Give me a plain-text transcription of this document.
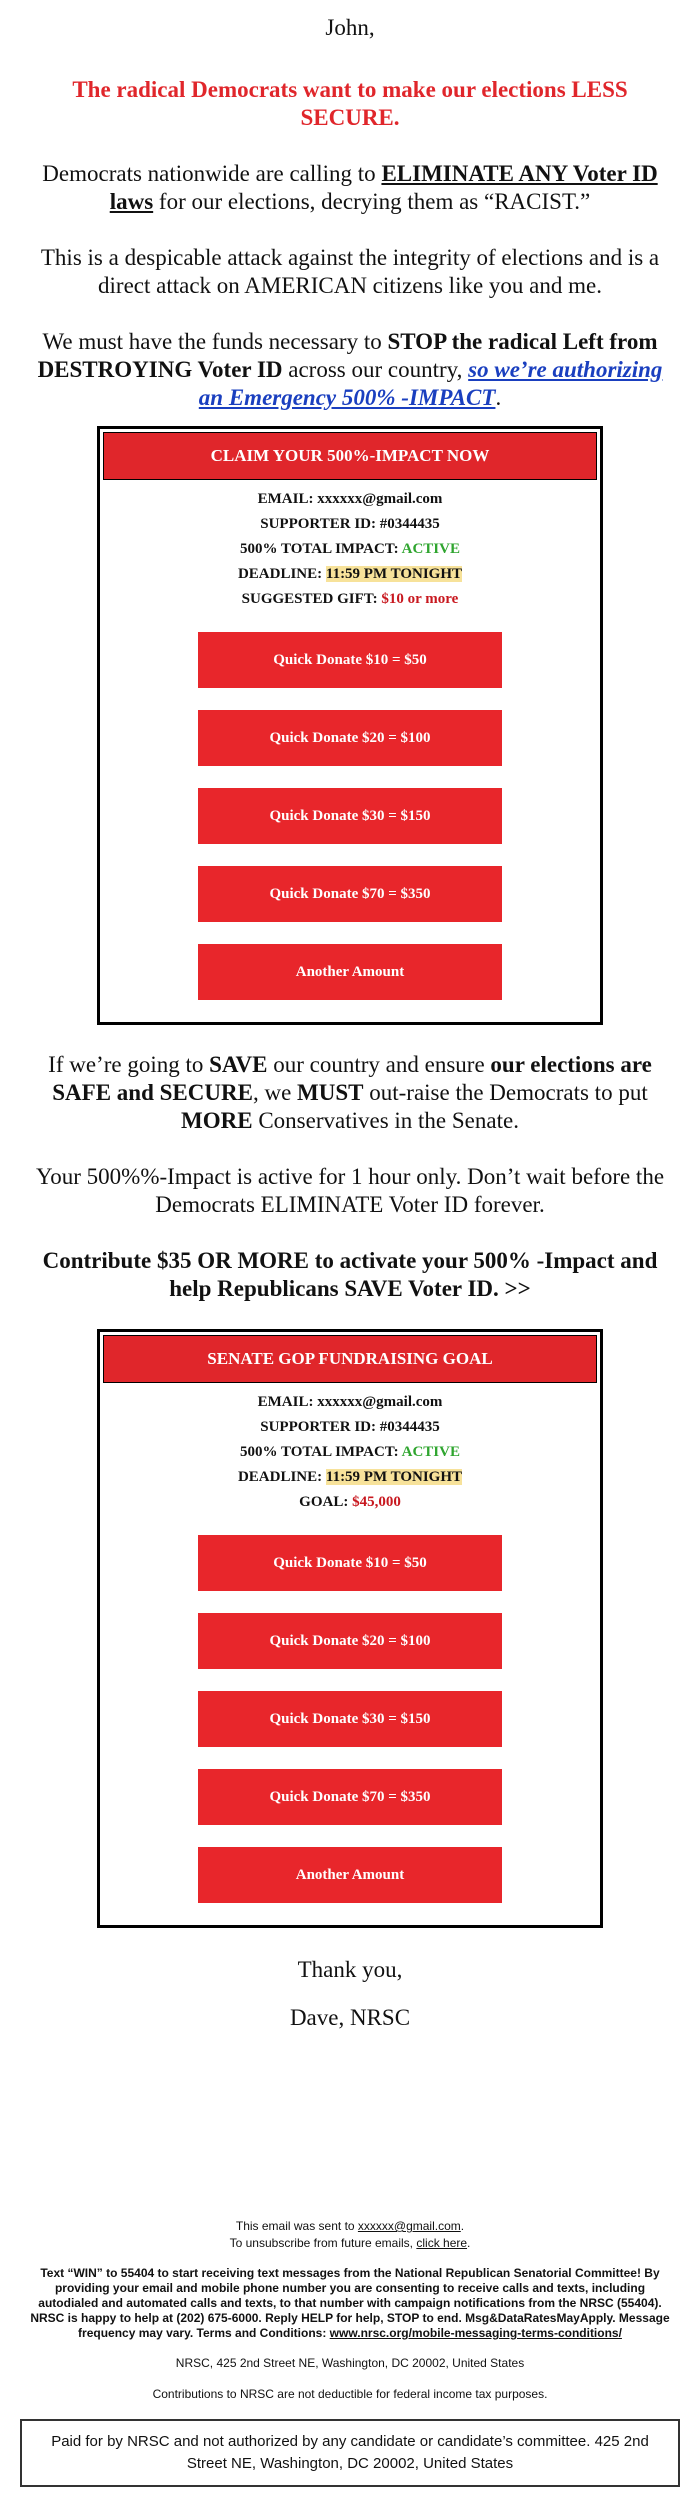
John,

The radical Democrats want to make our elections LESS SECURE.

Democrats nationwide are calling to ELIMINATE ANY Voter ID laws for our elections, decrying them as “RACIST.”

This is a despicable attack against the integrity of elections and is a direct attack on AMERICAN citizens like you and me.

We must have the funds necessary to STOP the radical Left from DESTROYING Voter ID across our country, so we’re authorizing an Emergency 500% -IMPACT.

CLAIM YOUR 500%-IMPACT NOW
EMAIL: xxxxxx@gmail.com
SUPPORTER ID: #0344435
500% TOTAL IMPACT: ACTIVE
DEADLINE: 11:59 PM TONIGHT
SUGGESTED GIFT: $10 or more
Quick Donate $10 = $50
Quick Donate $20 = $100
Quick Donate $30 = $150
Quick Donate $70 = $350
Another Amount

If we’re going to SAVE our country and ensure our elections are SAFE and SECURE, we MUST out-raise the Democrats to put MORE Conservatives in the Senate.

Your 500%%-Impact is active for 1 hour only. Don’t wait before the Democrats ELIMINATE Voter ID forever.

Contribute $35 OR MORE to activate your 500% -Impact and help Republicans SAVE Voter ID. >>

SENATE GOP FUNDRAISING GOAL
EMAIL: xxxxxx@gmail.com
SUPPORTER ID: #0344435
500% TOTAL IMPACT: ACTIVE
DEADLINE: 11:59 PM TONIGHT
GOAL: $45,000
Quick Donate $10 = $50
Quick Donate $20 = $100
Quick Donate $30 = $150
Quick Donate $70 = $350
Another Amount

Thank you,

Dave, NRSC

This email was sent to xxxxxx@gmail.com.
To unsubscribe from future emails, click here.
Text “WIN” to 55404 to start receiving text messages from the National Republican Senatorial Committee! By providing your email and mobile phone number you are consenting to receive calls and texts, including autodialed and automated calls and texts, to that number with campaign notifications from the NRSC (55404). NRSC is happy to help at (202) 675-6000. Reply HELP for help, STOP to end. Msg&DataRatesMayApply. Message frequency may vary. Terms and Conditions: www.nrsc.org/mobile-messaging-terms-conditions/
NRSC, 425 2nd Street NE, Washington, DC 20002, United States
Contributions to NRSC are not deductible for federal income tax purposes.
Paid for by NRSC and not authorized by any candidate or candidate’s committee. 425 2nd Street NE, Washington, DC 20002, United States
